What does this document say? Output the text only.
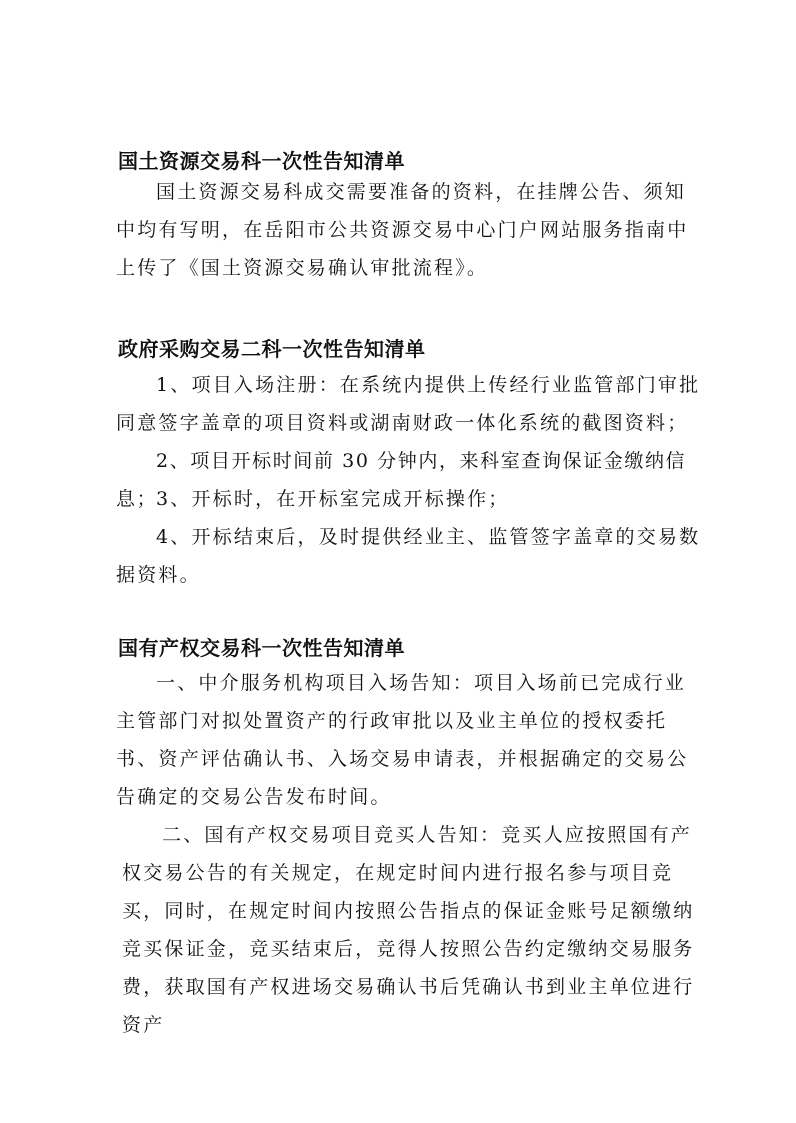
国土资源交易科一次性告知清单

国土资源交易科成交需要准备的资料，在挂牌公告、须知中均有写明，在岳阳市公共资源交易中心门户网站服务指南中上传了《国土资源交易确认审批流程》。

政府采购交易二科一次性告知清单

1、项目入场注册：在系统内提供上传经行业监管部门审批同意签字盖章的项目资料或湖南财政一体化系统的截图资料；

2、项目开标时间前 30 分钟内，来科室查询保证金缴纳信息；

3、开标时，在开标室完成开标操作；

4、开标结束后，及时提供经业主、监管签字盖章的交易数据资料。

国有产权交易科一次性告知清单

一、中介服务机构项目入场告知：项目入场前已完成行业主管部门对拟处置资产的行政审批以及业主单位的授权委托书、资产评估确认书、入场交易申请表，并根据确定的交易公告确定的交易公告发布时间。

二、国有产权交易项目竞买人告知：竞买人应按照国有产权交易公告的有关规定，在规定时间内进行报名参与项目竞买，同时，在规定时间内按照公告指点的保证金账号足额缴纳竞买保证金，竞买结束后，竞得人按照公告约定缴纳交易服务费，获取国有产权进场交易确认书后凭确认书到业主单位进行资产
